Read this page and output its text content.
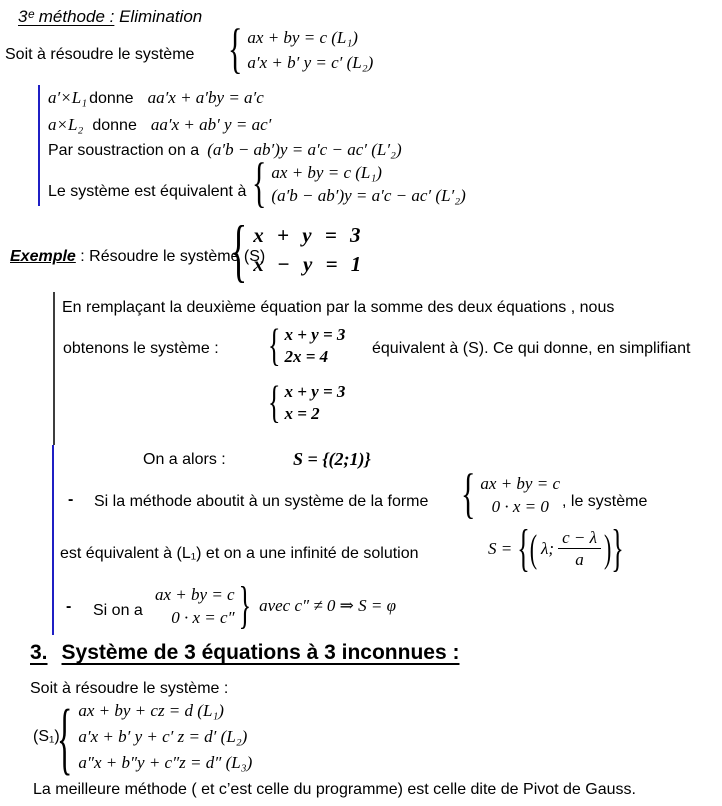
3ᵉ méthode : Elimination
Soit à résoudre le système { ax + by = c (L₁)
a′x + b′ y = c′ (L₂)
a′×L₁ donne aa′x + a′by = a′c
a×L₂ donne aa′x + ab′ y = ac′
Par soustraction on a (a′b − ab′)y = a′c − ac′ (L′₂)
Le système est équivalent à { ax + by = c (L₁)
(a′b − ab′)y = a′c − ac′ (L′₂)
Exemple : Résoudre le système (S)
{ x + y = 3
x − y = 1
En remplaçant la deuxième équation par la somme des deux équations , nous
obtenons le système : { x + y = 3
2x = 4	équivalent à (S). Ce qui donne, en simplifiant
{ x + y = 3
x = 2
On a alors :	S = {(2;1)}
- Si la méthode aboutit à un système de la forme { ax + by = c
0 · x = 0 , le système
est équivalent à (L₁) et on a une infinité de solution	S = { ( λ; $\frac{c - \lambda}{a}$ ) }
- Si on a
ax + by = c
0 · x = c″ } avec c″ ≠ 0 ⇒ S = φ
3. Système de 3 équations à 3 inconnues :
Soit à résoudre le système :
(S₁)
{ ax + by + cz = d (L₁)
a′x + b′ y + c′ z = d′ (L₂)
a″x + b″y + c″z = d″ (L₃)
La meilleure méthode ( et c’est celle du programme) est celle dite de Pivot de Gauss.
